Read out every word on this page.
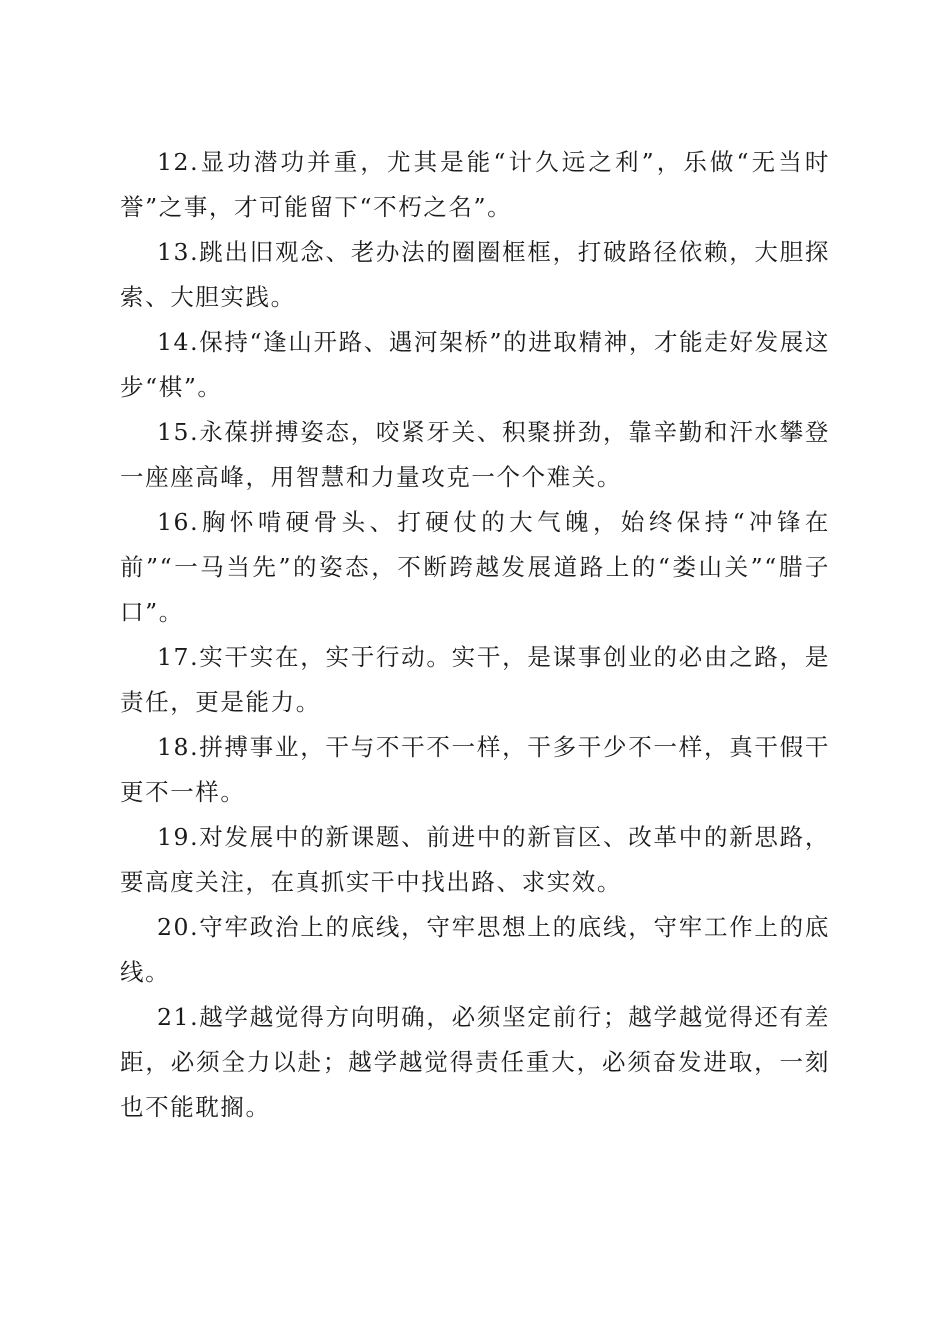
12.显功潜功并重，尤其是能“计久远之利”，乐做“无当时誉”之事，才可能留下“不朽之名”。

13.跳出旧观念、老办法的圈圈框框，打破路径依赖，大胆探索、大胆实践。

14.保持“逢山开路、遇河架桥”的进取精神，才能走好发展这步“棋”。

15.永葆拼搏姿态，咬紧牙关、积聚拼劲，靠辛勤和汗水攀登一座座高峰，用智慧和力量攻克一个个难关。

16.胸怀啃硬骨头、打硬仗的大气魄，始终保持“冲锋在前”“一马当先”的姿态，不断跨越发展道路上的“娄山关”“腊子口”。

17.实干实在，实于行动。实干，是谋事创业的必由之路，是责任，更是能力。

18.拼搏事业，干与不干不一样，干多干少不一样，真干假干更不一样。

19.对发展中的新课题、前进中的新盲区、改革中的新思路，要高度关注，在真抓实干中找出路、求实效。

20.守牢政治上的底线，守牢思想上的底线，守牢工作上的底线。

21.越学越觉得方向明确，必须坚定前行；越学越觉得还有差距，必须全力以赴；越学越觉得责任重大，必须奋发进取，一刻也不能耽搁。
